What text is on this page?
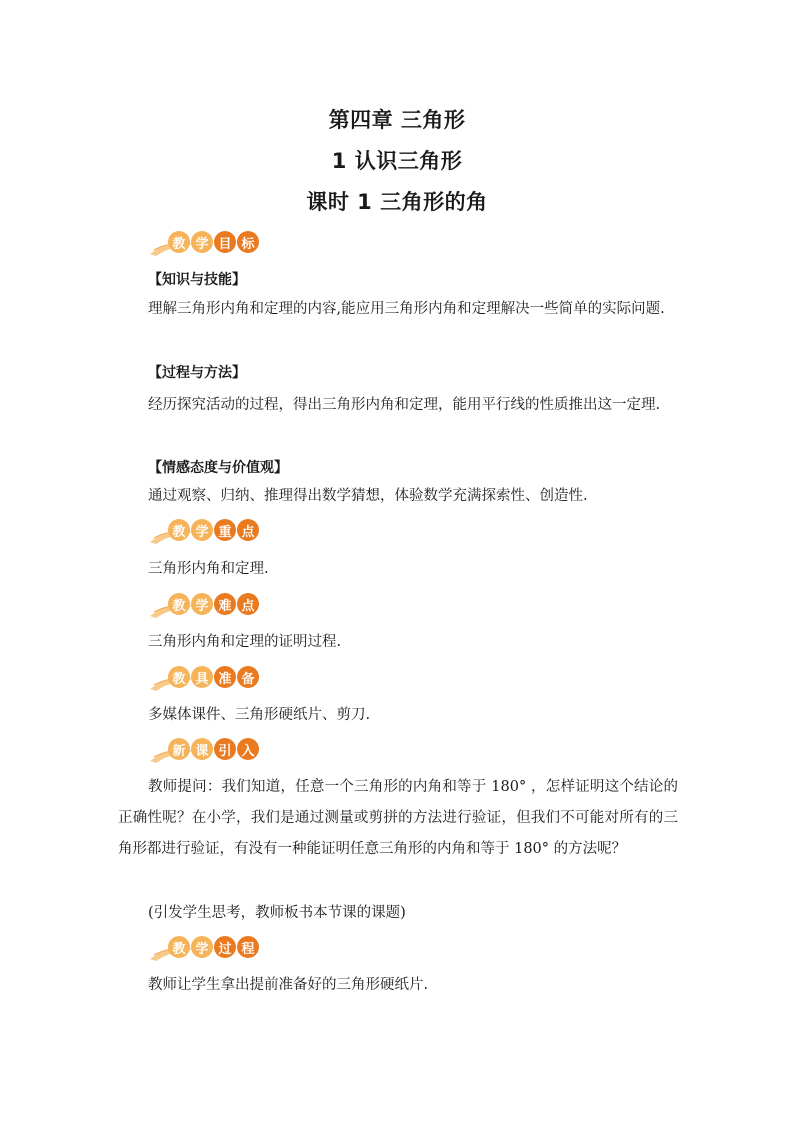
第四章 三角形
1 认识三角形
课时 1 三角形的角
教 学 目 标
【知识与技能】

理解三角形内角和定理的内容,能应用三角形内角和定理解决一些简单的实际问题.

【过程与方法】

经历探究活动的过程，得出三角形内角和定理，能用平行线的性质推出这一定理.

【情感态度与价值观】

通过观察、归纳、推理得出数学猜想，体验数学充满探索性、创造性.

教 学 重 点

三角形内角和定理.

教 学 难 点

三角形内角和定理的证明过程.

教 具 准 备

多媒体课件、三角形硬纸片、剪刀.

新 课 引 入

教师提问：我们知道，任意一个三角形的内角和等于 180° ，怎样证明这个结论的正确性呢？在小学，我们是通过测量或剪拼的方法进行验证，但我们不可能对所有的三角形都进行验证，有没有一种能证明任意三角形的内角和等于 180° 的方法呢？

(引发学生思考，教师板书本节课的课题)

教 学 过 程

教师让学生拿出提前准备好的三角形硬纸片.
